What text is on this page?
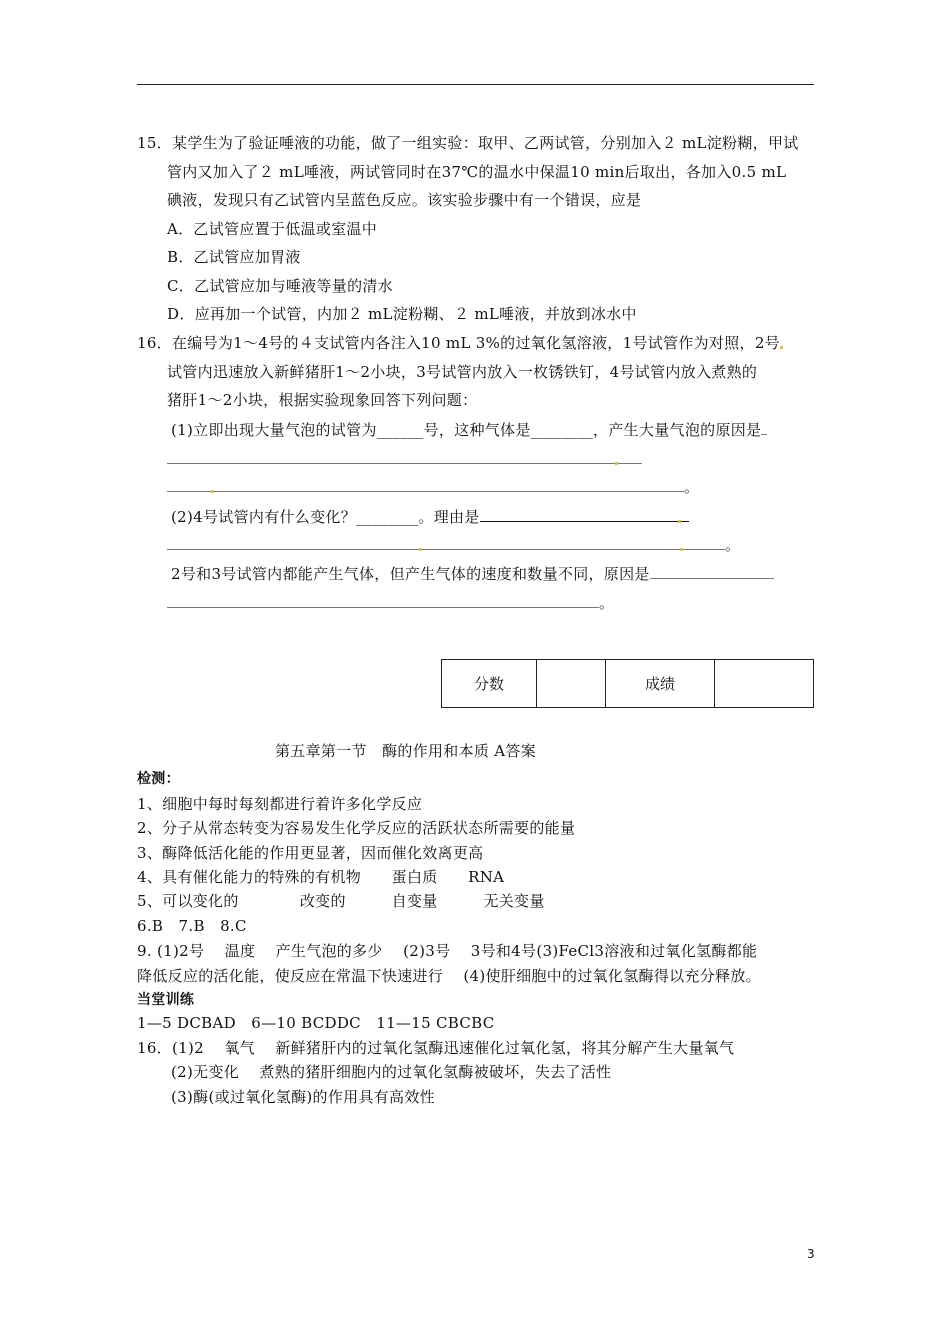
15．某学生为了验证唾液的功能，做了一组实验：取甲、乙两试管，分别加入２ mL淀粉糊，甲试
管内又加入了２ mL唾液，两试管同时在37℃的温水中保温10 min后取出，各加入0.5 mL
碘液，发现只有乙试管内呈蓝色反应。该实验步骤中有一个错误，应是
A．乙试管应置于低温或室温中
B．乙试管应加胃液
C．乙试管应加与唾液等量的清水
D．应再加一个试管，内加２ mL淀粉糊、２ mL唾液，并放到冰水中
16．在编号为1～4号的４支试管内各注入10 mL 3%的过氧化氢溶液，1号试管作为对照，2号
试管内迅速放入新鲜猪肝1～2小块，3号试管内放入一枚锈铁钉，4号试管内放入煮熟的
猪肝1～2小块，根据实验现象回答下列问题：
(1)立即出现大量气泡的试管为______号，这种气体是________，产生大量气泡的原因是
。
(2)4号试管内有什么变化？________。理由是
。
2号和3号试管内都能产生气体，但产生气体的速度和数量不同，原因是
。
分数		成绩	
第五章第一节　酶的作用和本质 A答案
检测：
1、细胞中每时每刻都进行着许多化学反应
2、分子从常态转变为容易发生化学反应的活跃状态所需要的能量
3、酶降低活化能的作用更显著，因而催化效离更高
4、具有催化能力的特殊的有机物　　蛋白质　　RNA
5、可以变化的　　　　改变的　　　自变量　　　无关变量
6.B　7.B　8.C
9. (1)2号　 温度　 产生气泡的多少　 (2)3号　 3号和4号(3)FeCl3溶液和过氧化氢酶都能
降低反应的活化能，使反应在常温下快速进行　 (4)使肝细胞中的过氧化氢酶得以充分释放。
当堂训练
1—5 DCBAD　6—10 BCDDC　11—15 CBCBC
16．(1)2　 氧气　 新鲜猪肝内的过氧化氢酶迅速催化过氧化氢，将其分解产生大量氧气
(2)无变化　 煮熟的猪肝细胞内的过氧化氢酶被破坏，失去了活性
(3)酶(或过氧化氢酶)的作用具有高效性
3
